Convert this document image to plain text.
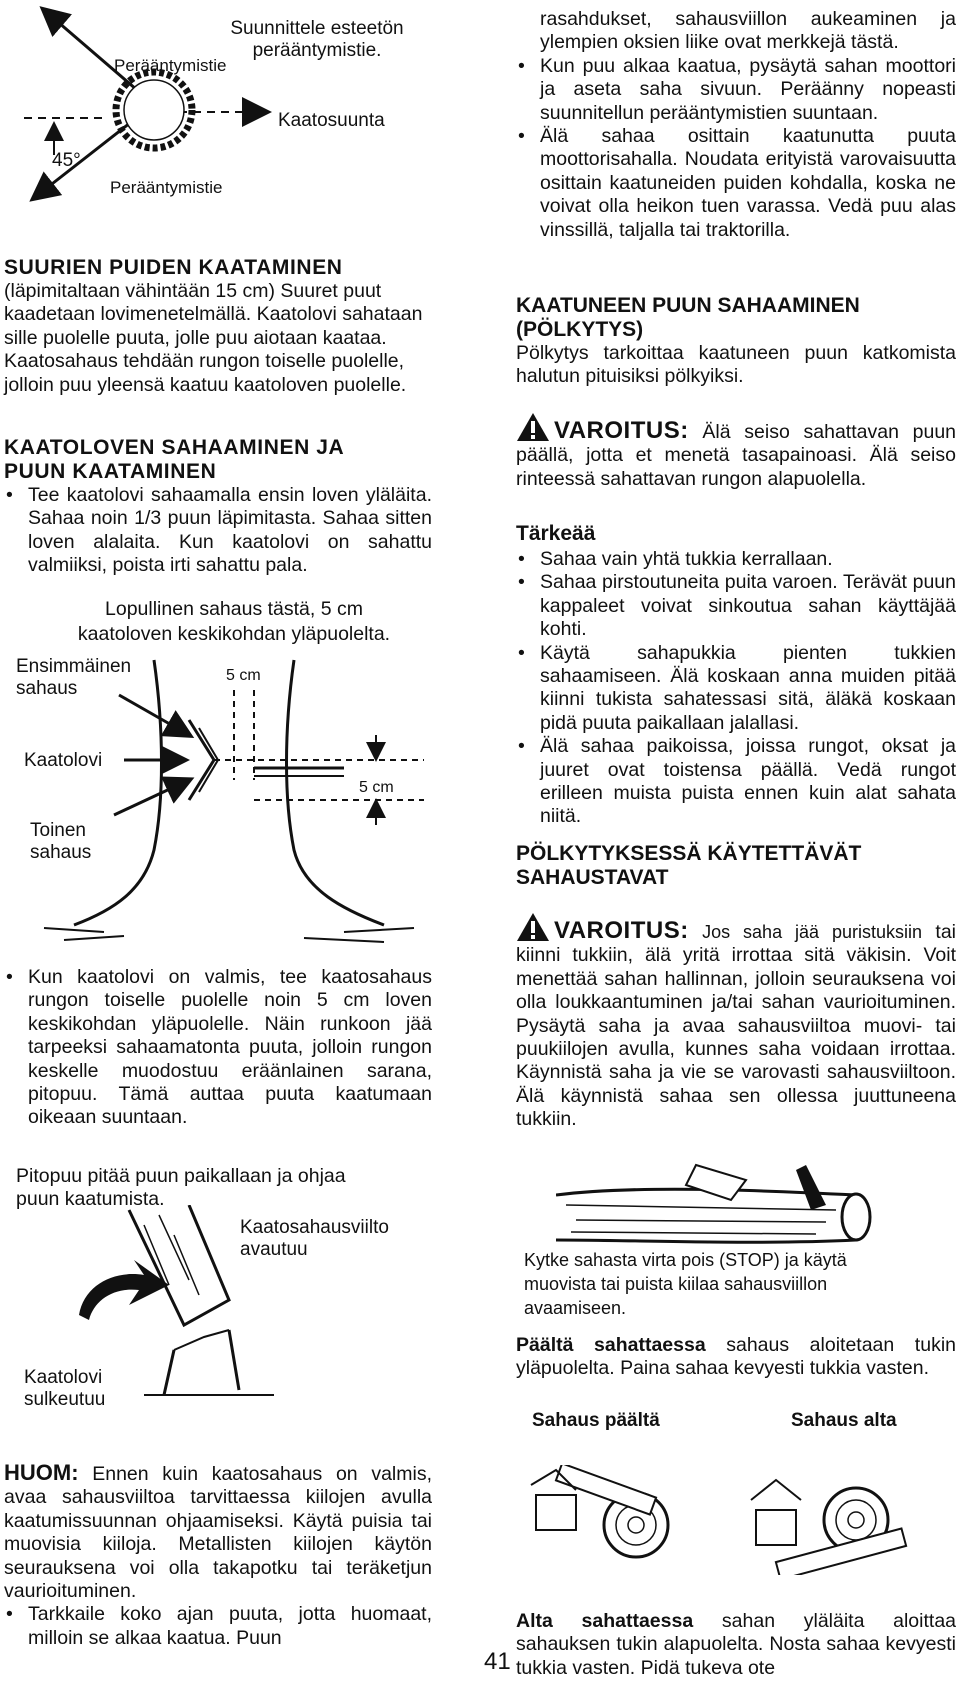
Suunnittele esteetön
perääntymistie.
Perääntymistie
Kaatosuunta
45°
Perääntymistie
SUURIEN PUIDEN KAATAMINEN

(läpimitaltaan vähintään 15 cm) Suuret puut kaadetaan lovimenetelmällä. Kaatolovi sahataan sille puolelle puuta, jolle puu aiotaan kaataa. Kaatosahaus tehdään rungon toiselle puolelle, jolloin puu yleensä kaatuu kaatoloven puolelle.

KAATOLOVEN SAHAAMINEN JA
PUUN KAATAMINEN
• Tee kaatolovi sahaamalla ensin loven yläläita. Sahaa noin 1/3 puun läpimitasta. Sahaa sitten loven alalaita. Kun kaatolovi on sahattu valmiiksi, poista irti sahattu pala.
Lopullinen sahaus tästä, 5 cm
kaatoloven keskikohdan yläpuolelta.
Ensimmäinen
sahaus
5 cm
Kaatolovi
5 cm
Toinen
sahaus
• Kun kaatolovi on valmis, tee kaatosahaus rungon toiselle puolelle noin 5 cm loven keskikohdan yläpuolelle. Näin runkoon jää tarpeeksi sahaamatonta puuta, jolloin rungon keskelle muodostuu eräänlainen sarana, pitopuu. Tämä auttaa puuta kaatumaan oikeaan suuntaan.
Pitopuu pitää puun paikallaan ja ohjaa
puun kaatumista.
Kaatosahausviilto
avautuu
Kaatolovi
sulkeutuu

HUOM: Ennen kuin kaatosahaus on valmis, avaa sahausviiltoa tarvittaessa kiilojen avulla kaatumissuunnan ohjaamiseksi. Käytä puisia tai muovisia kiiloja. Metallisten kiilojen käytön seurauksena voi olla takapotku tai teräketjun vaurioituminen.

• Tarkkaile koko ajan puuta, jotta huomaat, milloin se alkaa kaatua. Puun

rasahdukset, sahausviillon aukeaminen ja ylempien oksien liike ovat merkkejä tästä.

• Kun puu alkaa kaatua, pysäytä sahan moottori ja aseta saha sivuun. Peräänny nopeasti suunnitellun perääntymistien suuntaan.
• Älä sahaa osittain kaatunutta puuta moottorisahalla. Noudata erityistä varovaisuutta osittain kaatuneiden puiden kohdalla, koska ne voivat olla heikon tuen varassa. Vedä puu alas vinssillä, taljalla tai traktorilla.
KAATUNEEN PUUN SAHAAMINEN
(PÖLKYTYS)

Pölkytys tarkoittaa kaatuneen puun katkomista halutun pituisiksi pölkyiksi.

VAROITUS: Älä seiso sahattavan puun päällä, jotta et menetä tasapainoasi. Älä seiso rinteessä sahattavan rungon alapuolella.

Tärkeää
• Sahaa vain yhtä tukkia kerrallaan.
• Sahaa pirstoutuneita puita varoen. Terävät puun kappaleet voivat sinkoutua sahan käyttäjää kohti.
• Käytä sahapukkia pienten tukkien sahaamiseen. Älä koskaan anna muiden pitää kiinni tukista sahatessasi sitä, äläkä koskaan pidä puuta paikallaan jalallasi.
• Älä sahaa paikoissa, joissa rungot, oksat ja juuret ovat toistensa päällä. Vedä rungot erilleen muista puista ennen kuin alat sahata niitä.
PÖLKYTYKSESSÄ KÄYTETTÄVÄT
SAHAUSTAVAT

VAROITUS: Jos saha jää puristuksiin tai kiinni tukkiin, älä yritä irrottaa sitä väkisin. Voit menettää sahan hallinnan, jolloin seurauksena voi olla loukkaantuminen ja/tai sahan vaurioituminen. Pysäytä saha ja avaa sahausviiltoa muovi- tai puukiilojen avulla, kunnes saha voidaan irrottaa. Käynnistä saha ja vie se varovasti sahausviiltoon. Älä käynnistä sahaa sen ollessa juuttuneena tukkiin.

Kytke sahasta virta pois (STOP) ja käytä
muovista tai puista kiilaa sahausviillon
avaamiseen.

Päältä sahattaessa sahaus aloitetaan tukin yläpuolelta. Paina sahaa kevyesti tukkia vasten.

Sahaus päältä	Sahaus alta

Alta sahattaessa sahan yläläita aloittaa sahauksen tukin alapuolelta. Nosta sahaa kevyesti tukkia vasten. Pidä tukeva ote

41
